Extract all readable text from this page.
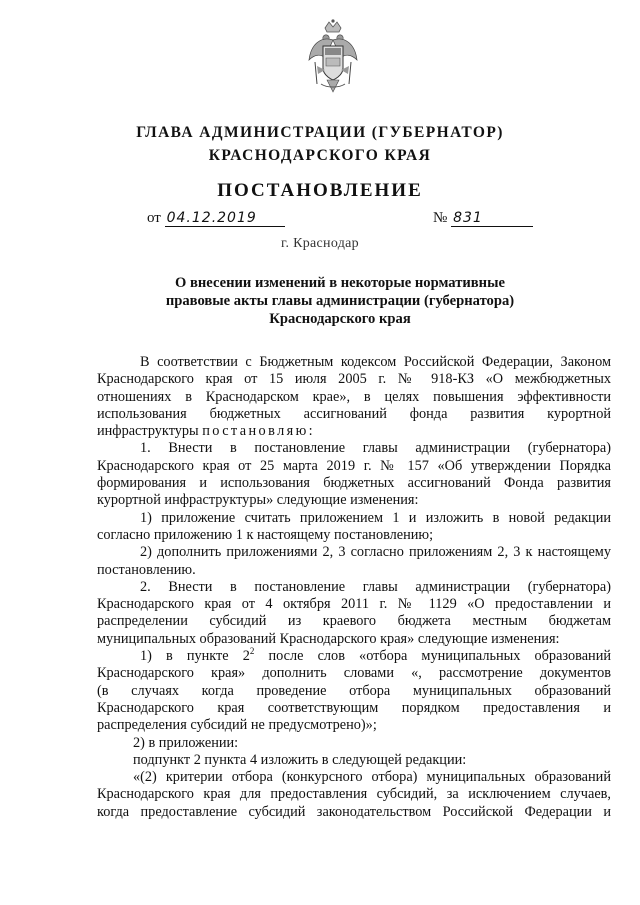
ГЛАВА АДМИНИСТРАЦИИ (ГУБЕРНАТОР)
КРАСНОДАРСКОГО КРАЯ
ПОСТАНОВЛЕНИЕ
от 04.12.2019	№ 831
г. Краснодар
О внесении изменений в некоторые нормативные
правовые акты главы администрации (губернатора)
Краснодарского края
В соответствии с Бюджетным кодексом Российской Федерации, Законом
Краснодарского края от 15 июля 2005 г. № 918-КЗ «О межбюджетных
отношениях в Краснодарском крае», в целях повышения эффективности
использования бюджетных ассигнований фонда развития курортной
инфраструктуры постановляю:
1. Внести в постановление главы администрации (губернатора)
Краснодарского края от 25 марта 2019 г. № 157 «Об утверждении Порядка
формирования и использования бюджетных ассигнований Фонда развития
курортной инфраструктуры» следующие изменения:
1) приложение считать приложением 1 и изложить в новой редакции
согласно приложению 1 к настоящему постановлению;
2) дополнить приложениями 2, 3 согласно приложениям 2, 3 к настоящему
постановлению.
2. Внести в постановление главы администрации (губернатора)
Краснодарского края от 4 октября 2011 г. № 1129 «О предоставлении и
распределении субсидий из краевого бюджета местным бюджетам
муниципальных образований Краснодарского края» следующие изменения:
1) в пункте $2^2$ после слов «отбора муниципальных образований
Краснодарского края» дополнить словами «, рассмотрение документов
(в случаях когда проведение отбора муниципальных образований
Краснодарского края соответствующим порядком предоставления и
распределения субсидий не предусмотрено)»;
2) в приложении:
подпункт 2 пункта 4 изложить в следующей редакции:
«(2) критерии отбора (конкурсного отбора) муниципальных образований
Краснодарского края для предоставления субсидий, за исключением случаев,
когда предоставление субсидий законодательством Российской Федерации и
